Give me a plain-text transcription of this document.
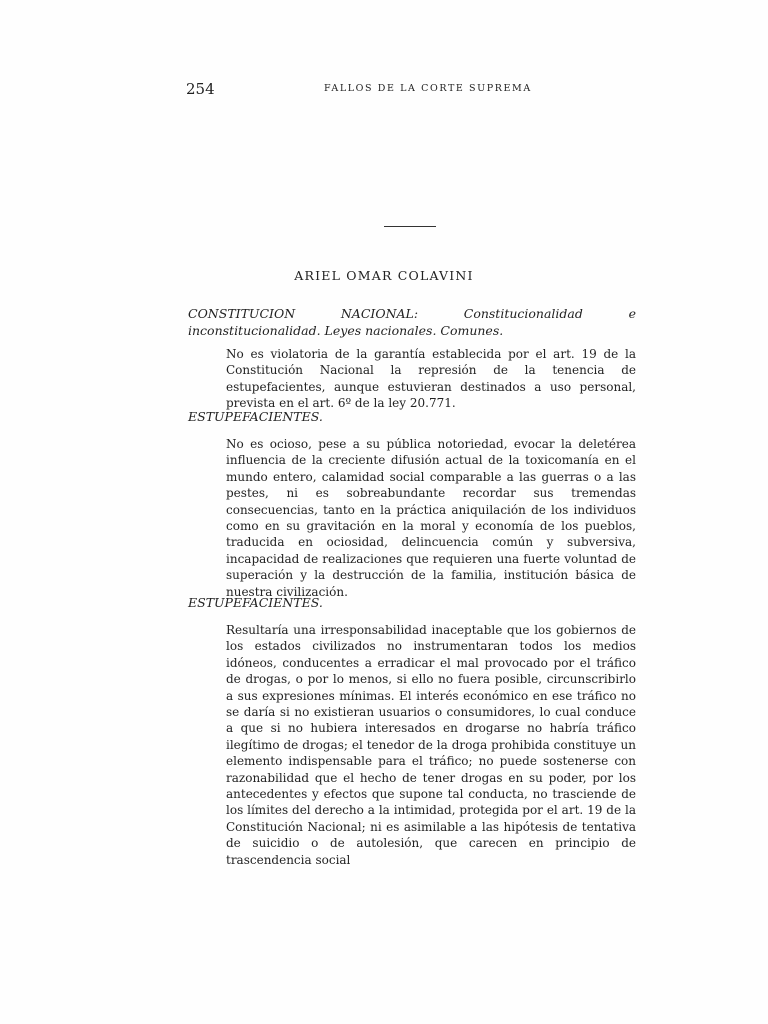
254	FALLOS DE LA CORTE SUPREMA
ARIEL OMAR COLAVINI
CONSTITUCION NACIONAL: Constitucionalidad e inconstitucionalidad. Leyes nacionales. Comunes.

No es violatoria de la garantía establecida por el art. 19 de la Constitución Nacional la represión de la tenencia de estupefacientes, aunque estuvieran destinados a uso personal, prevista en el art. 6º de la ley 20.771.

ESTUPEFACIENTES.

No es ocioso, pese a su pública notoriedad, evocar la deletérea influencia de la creciente difusión actual de la toxicomanía en el mundo entero, calamidad social comparable a las guerras o a las pestes, ni es sobreabundante recordar sus tremendas consecuencias, tanto en la práctica aniquilación de los individuos como en su gravitación en la moral y economía de los pueblos, traducida en ociosidad, delincuencia común y subversiva, incapacidad de realizaciones que requieren una fuerte voluntad de superación y la destrucción de la familia, institución básica de nuestra civilización.

ESTUPEFACIENTES.

Resultaría una irresponsabilidad inaceptable que los gobiernos de los estados civilizados no instrumentaran todos los medios idóneos, conducentes a erradicar el mal provocado por el tráfico de drogas, o por lo menos, si ello no fuera posible, circunscribirlo a sus expresiones mínimas. El interés económico en ese tráfico no se daría si no existieran usuarios o consumidores, lo cual conduce a que si no hubiera interesados en drogarse no habría tráfico ilegítimo de drogas; el tenedor de la droga prohibida constituye un elemento indispensable para el tráfico; no puede sostenerse con razonabilidad que el hecho de tener drogas en su poder, por los antecedentes y efectos que supone tal conducta, no trasciende de los límites del derecho a la intimidad, protegida por el art. 19 de la Constitución Nacional; ni es asimilable a las hipótesis de tentativa de suicidio o de autolesión, que carecen en principio de trascendencia social
